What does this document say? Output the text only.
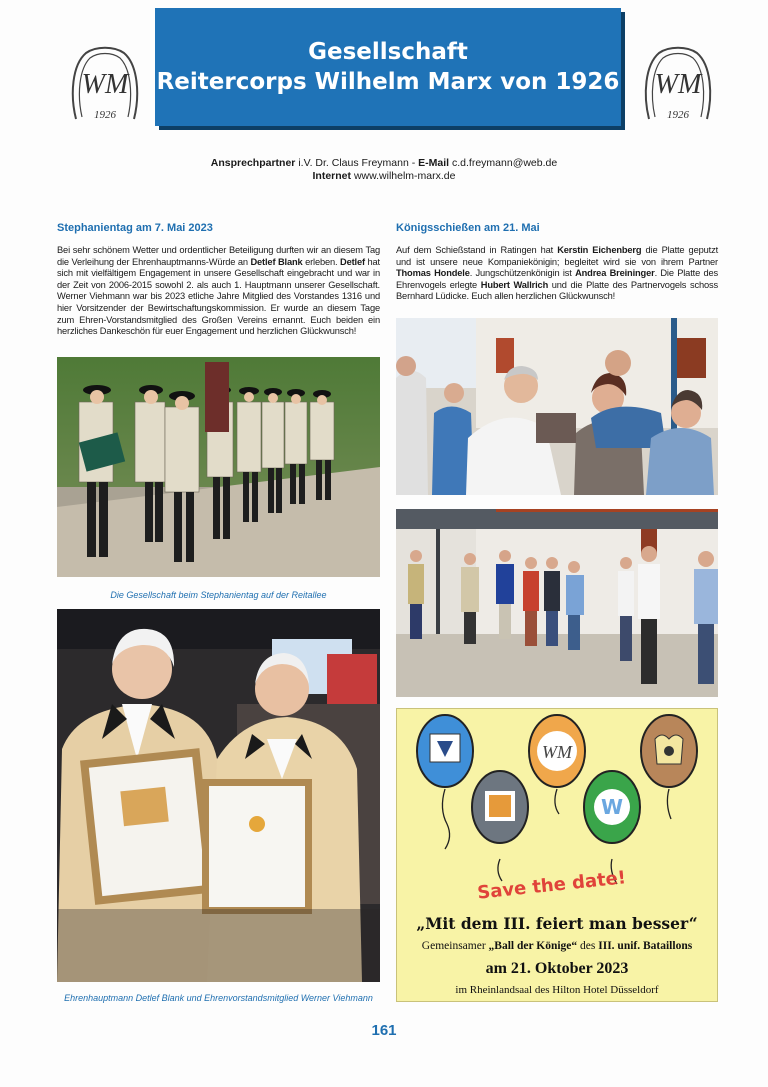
WM
1926
WM
1926
Gesellschaft
Reitercorps Wilhelm Marx von 1926
Ansprechpartner i.V. Dr. Claus Freymann - E-Mail c.d.freymann@web.de
Internet www.wilhelm-marx.de
Stephanientag am 7. Mai 2023
Bei sehr schönem Wetter und ordentlicher Beteiligung durften wir an diesem Tag die Verleihung der Ehrenhauptmanns-Würde an Detlef Blank erleben. Detlef hat sich mit vielfältigem Engagement in unsere Gesellschaft eingebracht und war in der Zeit von 2006-2015 sowohl 2. als auch 1. Hauptmann unserer Gesellschaft. Werner Viehmann war bis 2023 etliche Jahre Mitglied des Vorstandes 1316 und hier Vorsitzender der Bewirtschaftungskommission. Er wurde an diesem Tage zum Ehren-Vorstandsmitglied des Großen Vereins ernannt. Euch beiden ein herzliches Dankeschön für euer Engagement und herzlichen Glückwunsch!
Die Gesellschaft beim Stephanientag auf der Reitallee
Ehrenhauptmann Detlef Blank und Ehrenvorstandsmitglied Werner Viehmann
Königsschießen am 21. Mai
Auf dem Schießstand in Ratingen hat Kerstin Eichenberg die Platte geputzt und ist unsere neue Kompaniekönigin; begleitet wird sie von ihrem Partner Thomas Hondele. Jungschützenkönigin ist Andrea Breininger. Die Platte des Ehrenvogels erlegte Hubert Wallrich und die Platte des Partnervogels schoss Bernhard Lüdicke. Euch allen herzlichen Glückwunsch!
WM
W
Save the date!
„Mit dem III. feiert man besser“
Gemeinsamer „Ball der Könige“ des III. unif. Bataillons
am 21. Oktober 2023
im Rheinlandsaal des Hilton Hotel Düsseldorf
161
